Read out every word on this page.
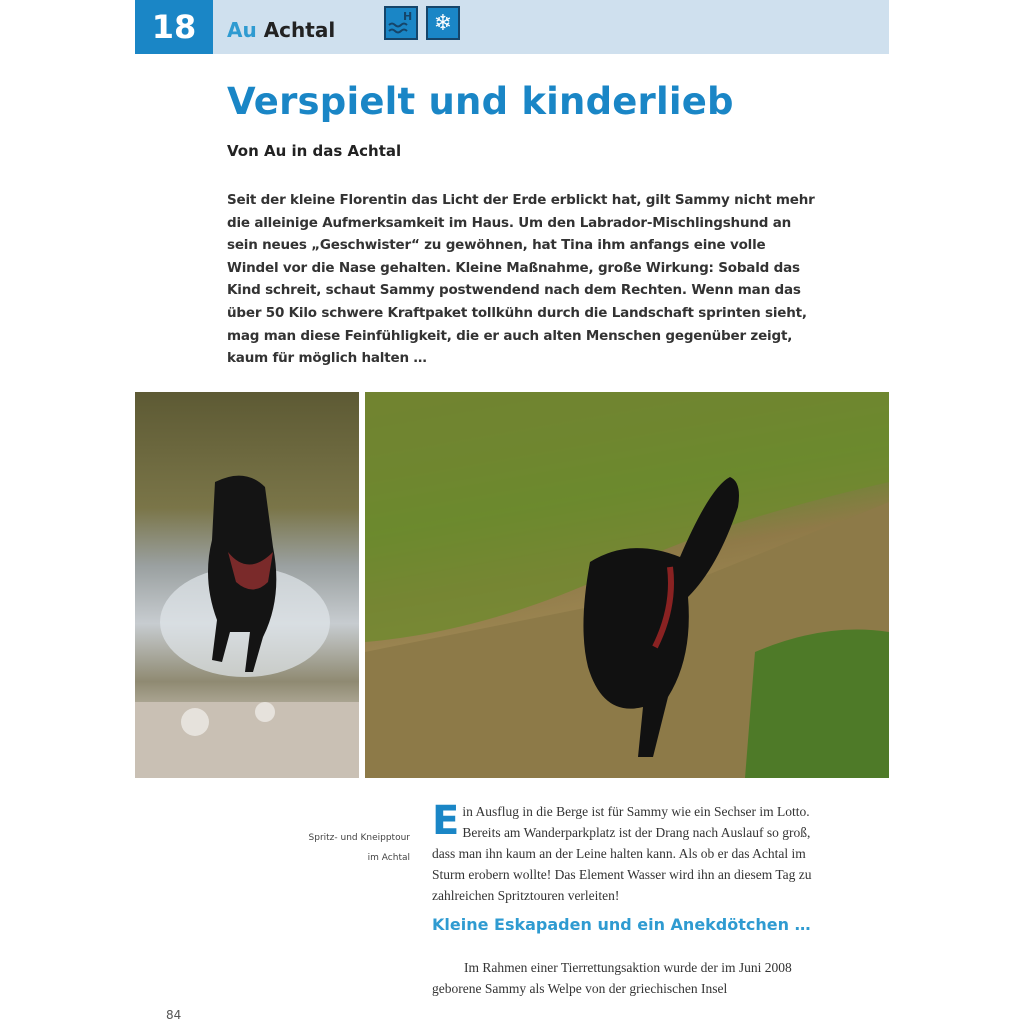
18	Au Achtal
H ❄
Verspielt und kinderlieb
Von Au in das Achtal

Seit der kleine Florentin das Licht der Erde erblickt hat, gilt Sammy nicht mehr die alleinige Aufmerksamkeit im Haus. Um den Labrador-Mischlingshund an sein neues „Geschwister“ zu gewöhnen, hat Tina ihm anfangs eine volle Windel vor die Nase gehalten. Kleine Maßnahme, große Wirkung: Sobald das Kind schreit, schaut Sammy postwendend nach dem Rechten. Wenn man das über 50 Kilo schwere Kraftpaket tollkühn durch die Landschaft sprinten sieht, mag man diese Feinfühligkeit, die er auch alten Menschen gegenüber zeigt, kaum für möglich halten …

Spritz- und Kneipptour
im Achtal
E in Ausflug in die Berge ist für Sammy wie ein Sechser im Lotto. Bereits am Wanderparkplatz ist der Drang nach Auslauf so groß, dass man ihn kaum an der Leine halten kann. Als ob er das Achtal im Sturm erobern wollte! Das Element Wasser wird ihn an diesem Tag zu zahlreichen Spritztouren verleiten!
Kleine Eskapaden und ein Anekdötchen …
Im Rahmen einer Tierrettungsaktion wurde der im Juni 2008 geborene Sammy als Welpe von der griechischen Insel
84
